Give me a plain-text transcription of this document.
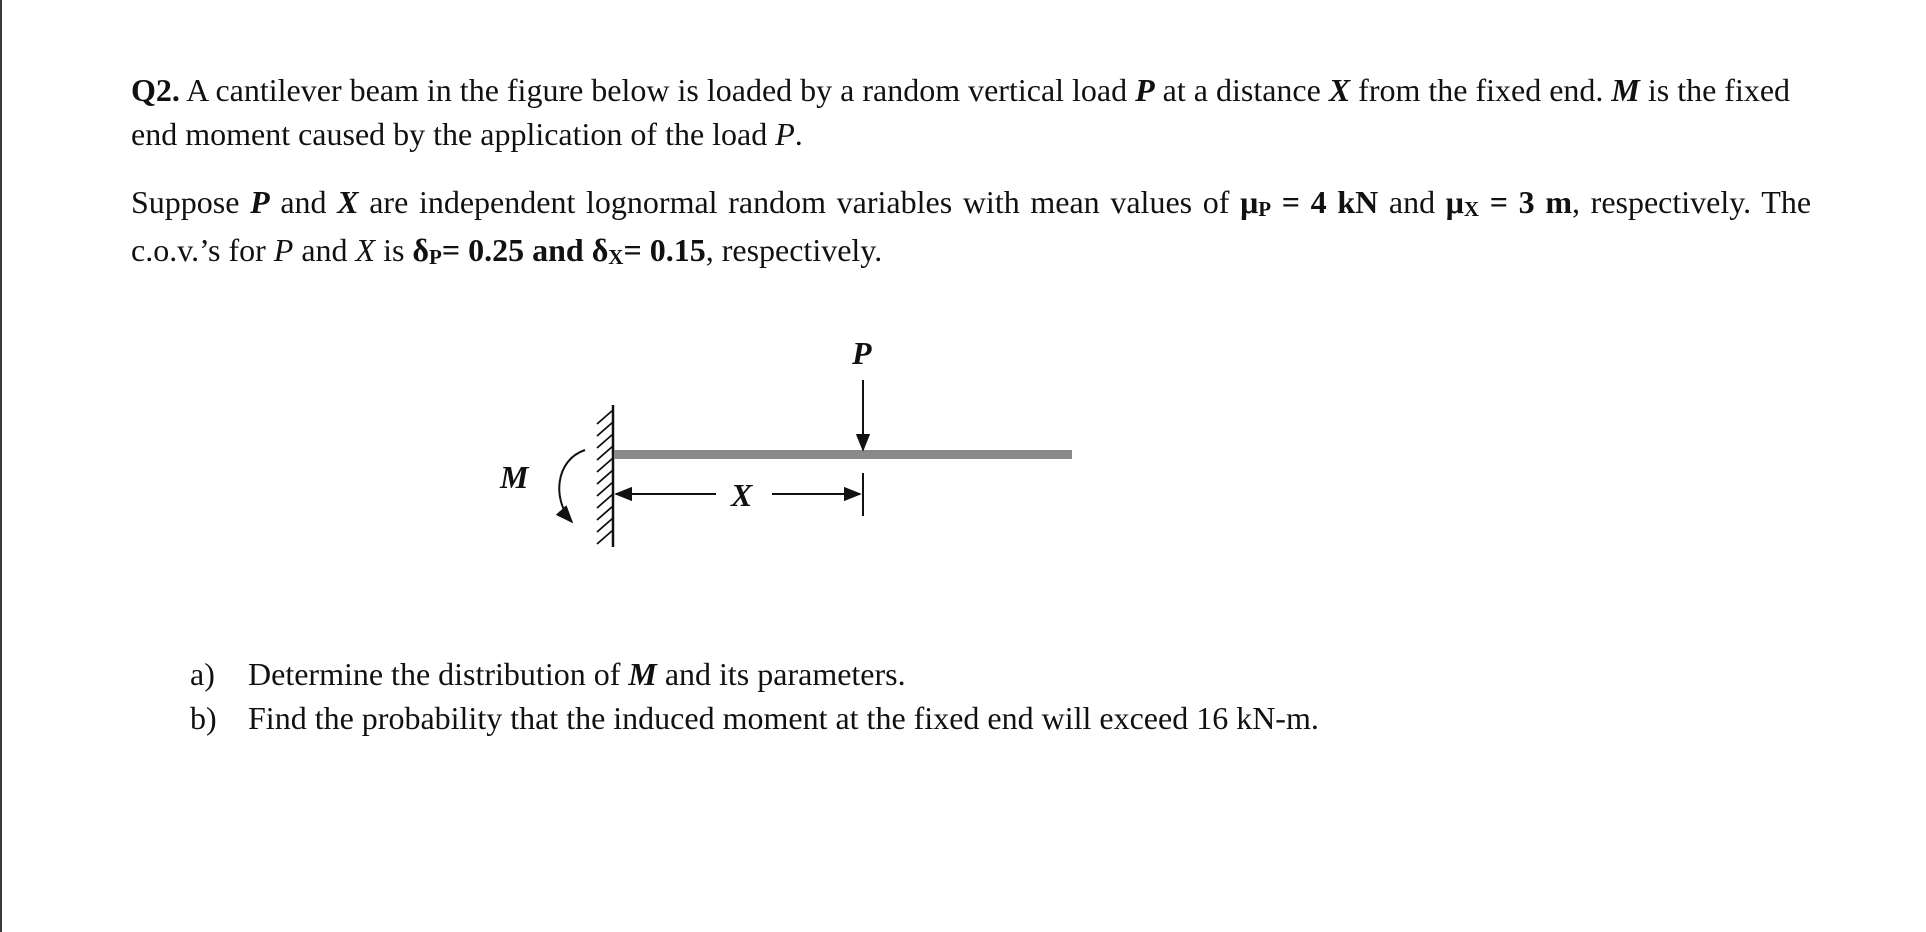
Q2. A cantilever beam in the figure below is loaded by a random vertical load P at a distance X from the fixed end. M is the fixed end moment caused by the application of the load P.

Suppose P and X are independent lognormal random variables with mean values of μP = 4 kN and μX = 3 m, respectively. The c.o.v.’s for P and X is δP= 0.25 and δX= 0.15, respectively.

P
M	X
a)	Determine the distribution of M and its parameters.
b) Find the probability that the induced moment at the fixed end will exceed 16 kN-m.
